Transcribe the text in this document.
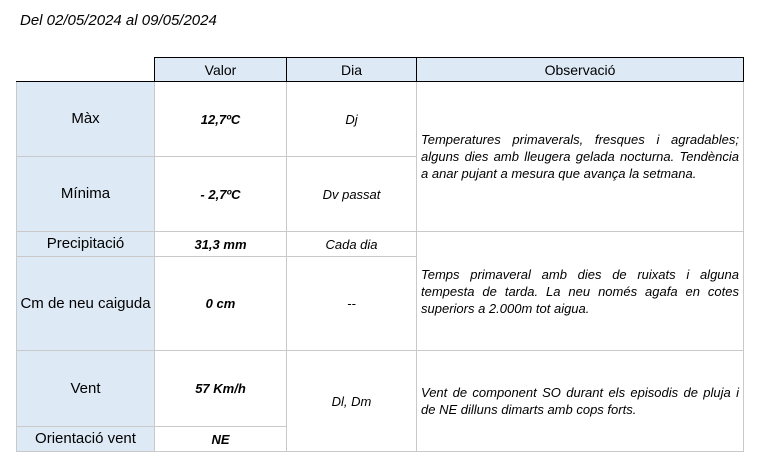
Del 02/05/2024 al 09/05/2024
	Valor	Dia	Observació
Màx	12,7ºC	Dj	Temperatures primaverals, fresques i agradables; alguns dies amb lleugera gelada nocturna. Tendència a anar pujant a mesura que avança la setmana.
Mínima	- 2,7ºC	Dv passat	
Precipitació	31,3 mm	Cada dia	Temps primaveral amb dies de ruixats i alguna tempesta de tarda. La neu només agafa en cotes superiors a 2.000m tot aigua.
Cm de neu caiguda	0 cm	--	
Vent	57 Km/h	Dl, Dm	Vent de component SO durant els episodis de pluja i de NE dilluns dimarts amb cops forts.
Orientació vent	NE		
